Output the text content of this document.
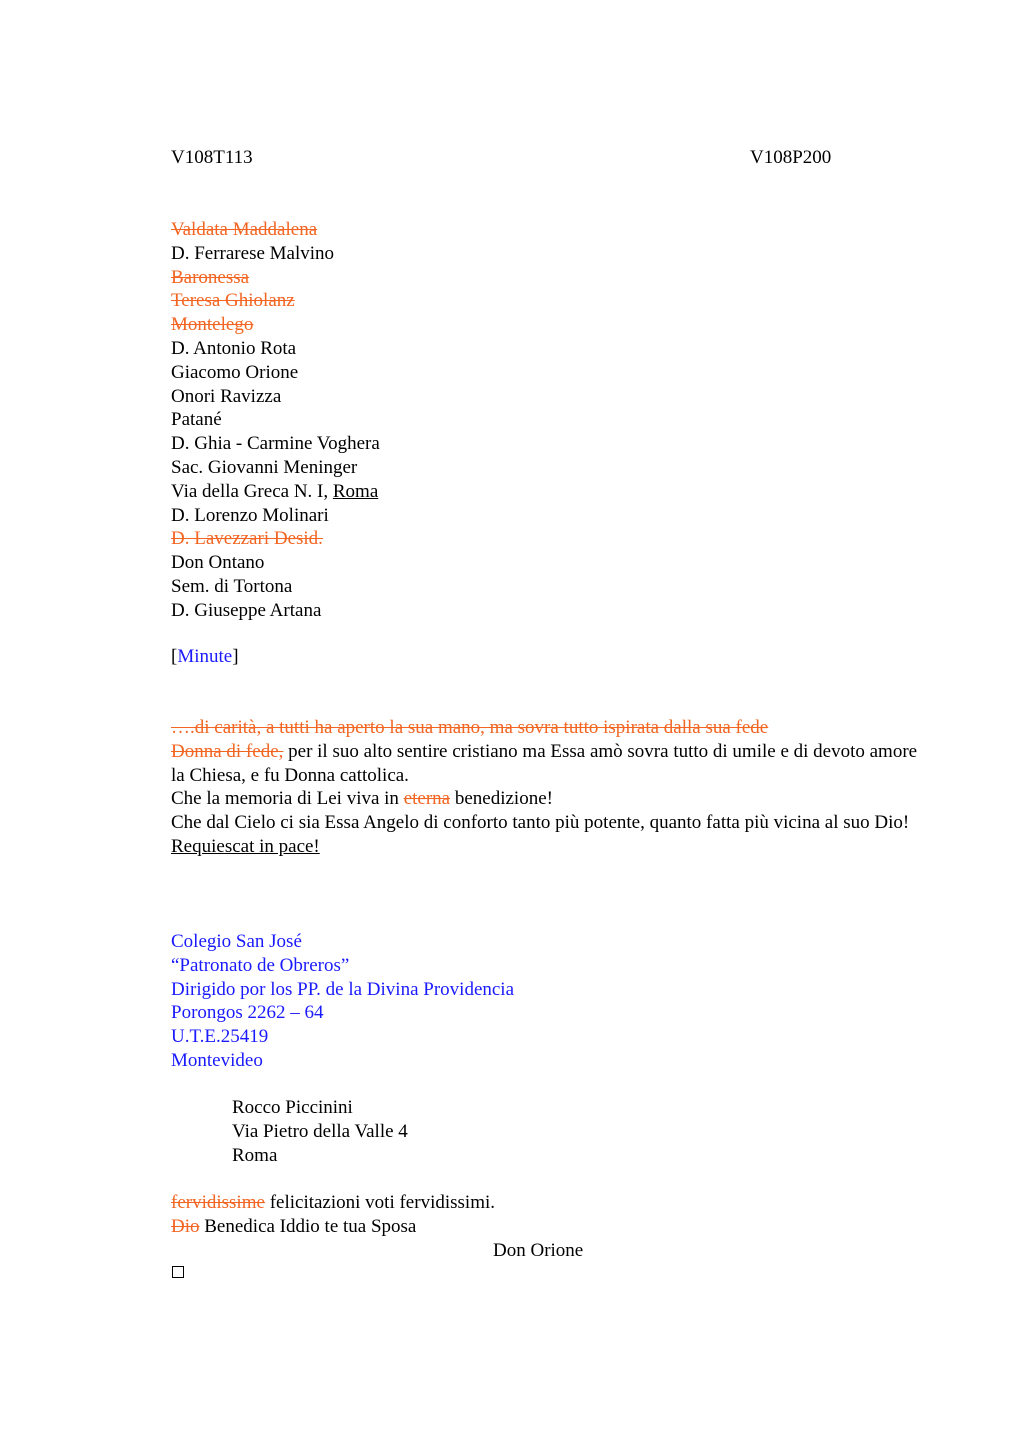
V108T113	V108P200
Valdata Maddalena
D. Ferrarese Malvino
Baronessa
Teresa Ghiolanz
Montelego
D. Antonio Rota
Giacomo Orione
Onori Ravizza
Patané
D. Ghia - Carmine Voghera
Sac. Giovanni Meninger
Via della Greca N. I, Roma
D. Lorenzo Molinari
D. Lavezzari Desid.
Don Ontano
Sem. di Tortona
D. Giuseppe Artana
[Minute]
….di carità, a tutti ha aperto la sua mano, ma sovra tutto ispirata dalla sua fede
Donna di fede, per il suo alto sentire cristiano ma Essa amò sovra tutto di umile e di devoto amore la Chiesa, e fu Donna cattolica.
Che la memoria di Lei viva in eterna benedizione!
Che dal Cielo ci sia Essa Angelo di conforto tanto più potente, quanto fatta più vicina al suo Dio!
Requiescat in pace!
Colegio San José
“Patronato de Obreros”
Dirigido por los PP. de la Divina Providencia
Porongos 2262 – 64
U.T.E.25419
Montevideo
Rocco Piccinini
Via Pietro della Valle 4
Roma
fervidissime felicitazioni voti fervidissimi.
Dio Benedica Iddio te tua Sposa
Don Orione
